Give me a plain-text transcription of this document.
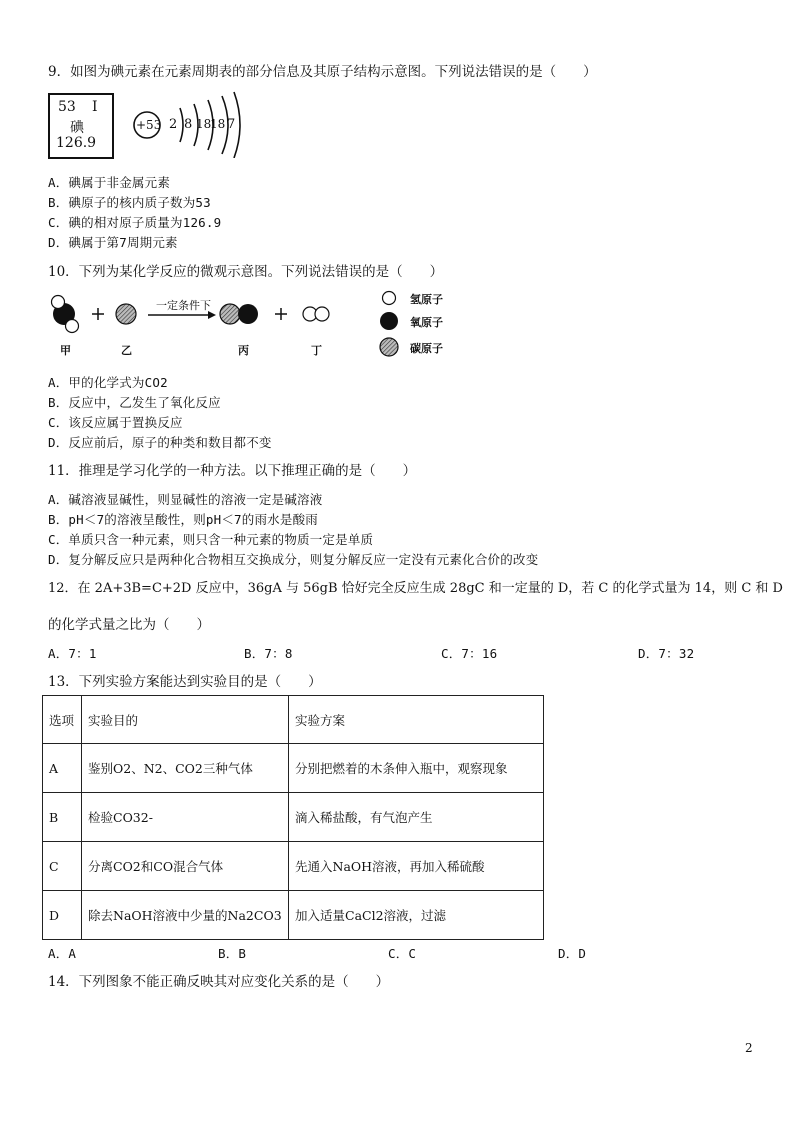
9．如图为碘元素在元素周期表的部分信息及其原子结构示意图。下列说法错误的是（　　）
53 I
碘
126.9
+53 2 8 18
18 7
A．碘属于非金属元素
B．碘原子的核内质子数为53
C．碘的相对原子质量为126.9
D．碘属于第7周期元素
10．下列为某化学反应的微观示意图。下列说法错误的是（　　）
一定条件下	氢原子
氧原子
碳原子
甲	乙	丙	丁
A．甲的化学式为CO2
B．反应中，乙发生了氧化反应
C．该反应属于置换反应
D．反应前后，原子的种类和数目都不变
11．推理是学习化学的一种方法。以下推理正确的是（　　）
A．碱溶液显碱性，则显碱性的溶液一定是碱溶液
B．pH＜7的溶液呈酸性，则pH＜7的雨水是酸雨
C．单质只含一种元素，则只含一种元素的物质一定是单质
D．复分解反应只是两种化合物相互交换成分，则复分解反应一定没有元素化合价的改变
12．在 2A+3B=C+2D 反应中，36gA 与 56gB 恰好完全反应生成 28gC 和一定量的 D，若 C 的化学式量为 14，则 C 和 D
的化学式量之比为（　　）
A．7：1	B．7：8	C．7：16	D．7：32
13．下列实验方案能达到实验目的是（　　）
选项	实验目的	实验方案
A	鉴别O2、N2、CO2三种气体	分别把燃着的木条伸入瓶中，观察现象
B	检验CO32-	滴入稀盐酸，有气泡产生
C	分离CO2和CO混合气体	先通入NaOH溶液，再加入稀硫酸
D	除去NaOH溶液中少量的Na2CO3	加入适量CaCl2溶液，过滤
A．A	B．B	C．C	D．D
14．下列图象不能正确反映其对应变化关系的是（　　）
2
